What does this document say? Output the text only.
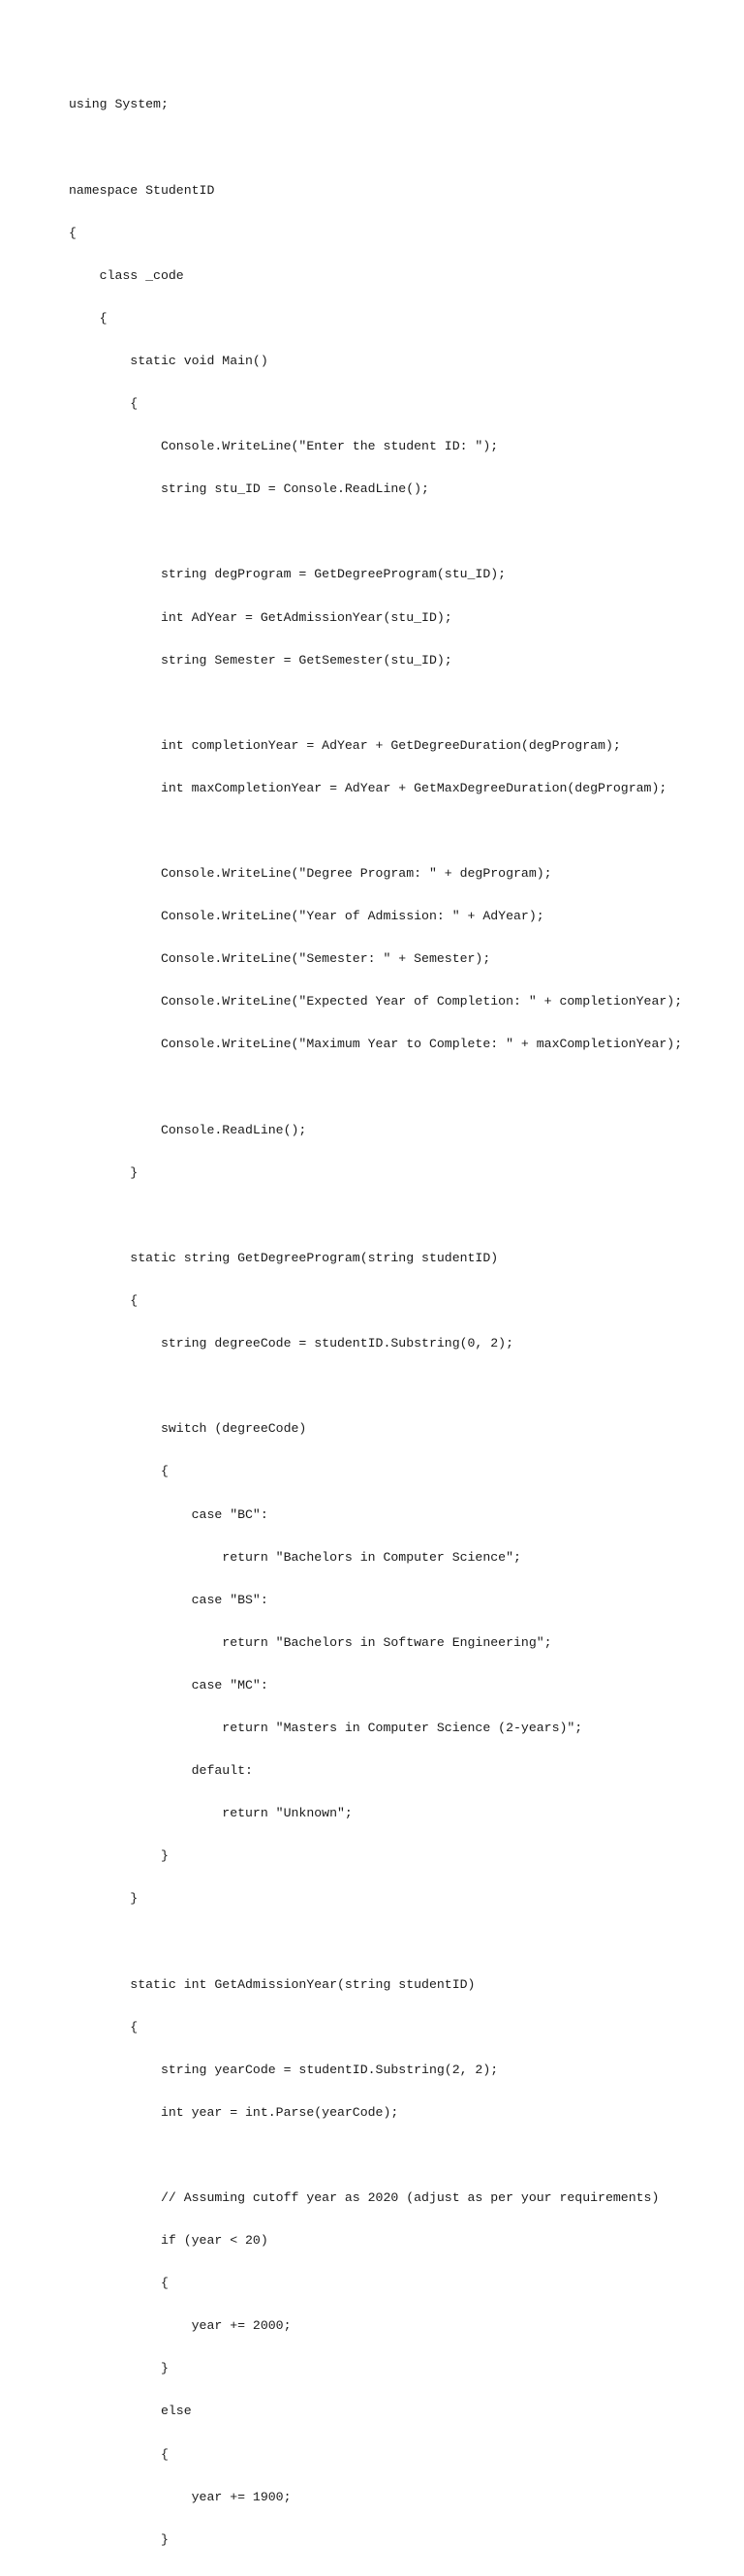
using System;

namespace StudentID

{

class _code

{

static void Main()

{

Console.WriteLine("Enter the student ID: ");

string stu_ID = Console.ReadLine();

string degProgram = GetDegreeProgram(stu_ID);

int AdYear = GetAdmissionYear(stu_ID);

string Semester = GetSemester(stu_ID);

int completionYear = AdYear + GetDegreeDuration(degProgram);

int maxCompletionYear = AdYear + GetMaxDegreeDuration(degProgram);

Console.WriteLine("Degree Program: " + degProgram);

Console.WriteLine("Year of Admission: " + AdYear);

Console.WriteLine("Semester: " + Semester);

Console.WriteLine("Expected Year of Completion: " + completionYear);

Console.WriteLine("Maximum Year to Complete: " + maxCompletionYear);

Console.ReadLine();

}

static string GetDegreeProgram(string studentID)

{

string degreeCode = studentID.Substring(0, 2);

switch (degreeCode)

{

case "BC":

return "Bachelors in Computer Science";

case "BS":

return "Bachelors in Software Engineering";

case "MC":

return "Masters in Computer Science (2-years)";

default:

return "Unknown";

}

}

static int GetAdmissionYear(string studentID)

{

string yearCode = studentID.Substring(2, 2);

int year = int.Parse(yearCode);

// Assuming cutoff year as 2020 (adjust as per your requirements)

if (year < 20)

{

year += 2000;

}

else

{

year += 1900;

}
